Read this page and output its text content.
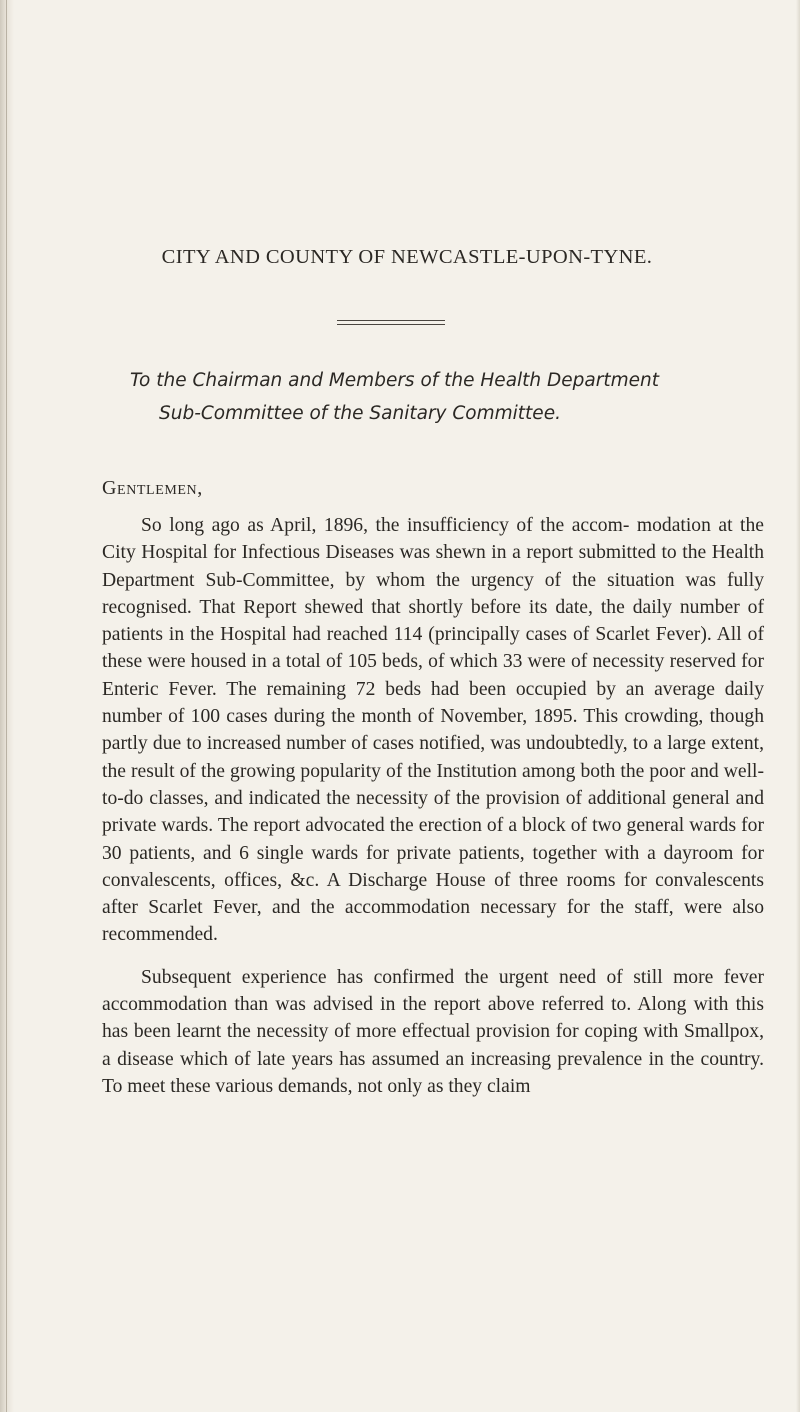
CITY AND COUNTY OF NEWCASTLE-UPON-TYNE.
To the Chairman and Members of the Health Department
Sub-Committee of the Sanitary Committee.
Gentlemen,

So long ago as April, 1896, the insufficiency of the accom- modation at the City Hospital for Infectious Diseases was shewn in a report submitted to the Health Department Sub-Committee, by whom the urgency of the situation was fully recognised. That Report shewed that shortly before its date, the daily number of patients in the Hospital had reached 114 (principally cases of Scarlet Fever). All of these were housed in a total of 105 beds, of which 33 were of necessity reserved for Enteric Fever. The remaining 72 beds had been occupied by an average daily number of 100 cases during the month of November, 1895. This crowding, though partly due to increased number of cases notified, was undoubtedly, to a large extent, the result of the growing popularity of the Institution among both the poor and well-to-do classes, and indicated the necessity of the provision of additional general and private wards. The report advocated the erection of a block of two general wards for 30 patients, and 6 single wards for private patients, together with a dayroom for convalescents, offices, &c. A Discharge House of three rooms for convalescents after Scarlet Fever, and the accommodation necessary for the staff, were also recommended.

Subsequent experience has confirmed the urgent need of still more fever accommodation than was advised in the report above referred to. Along with this has been learnt the necessity of more effectual provision for coping with Smallpox, a disease which of late years has assumed an increasing prevalence in the country. To meet these various demands, not only as they claim
